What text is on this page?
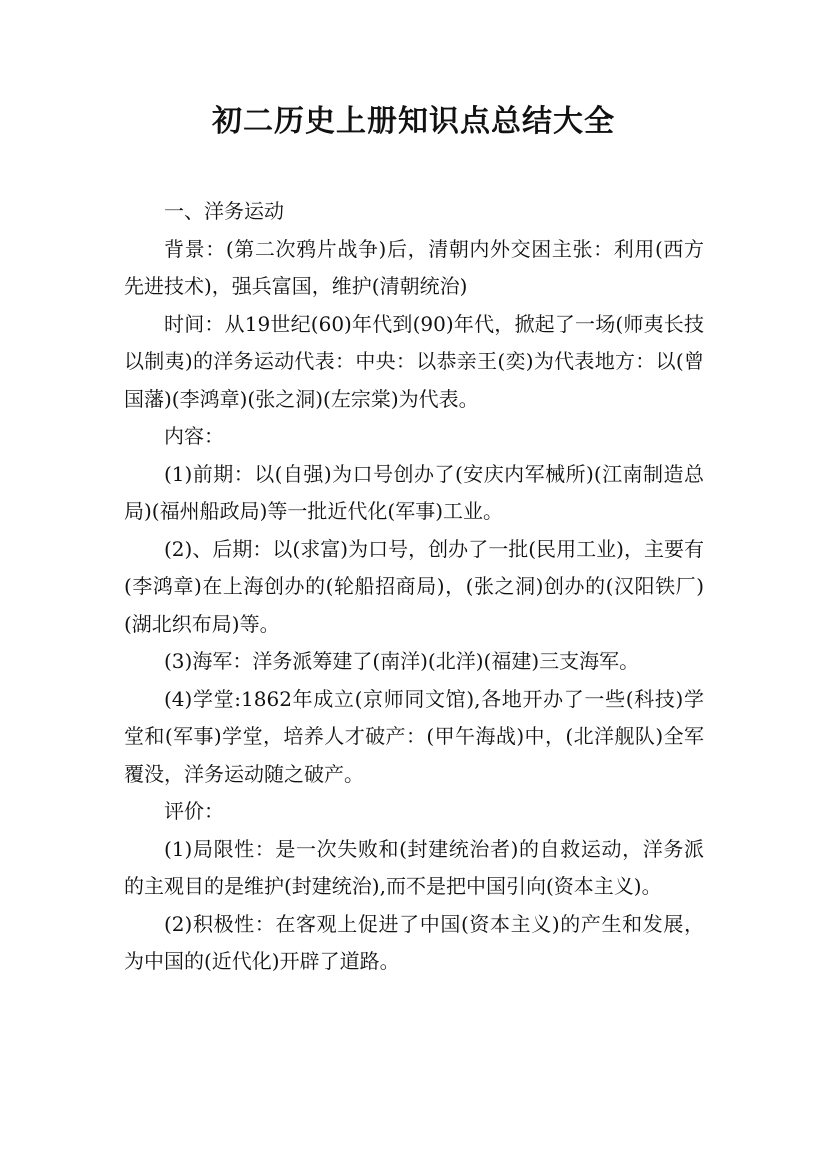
初二历史上册知识点总结大全

一、洋务运动

背景：(第二次鸦片战争)后，清朝内外交困主张：利用(西方先进技术)，强兵富国，维护(清朝统治)

时间：从19世纪(60)年代到(90)年代，掀起了一场(师夷长技以制夷)的洋务运动代表：中央：以恭亲王(奕)为代表地方：以(曾国藩)(李鸿章)(张之洞)(左宗棠)为代表。

内容：

(1)前期：以(自强)为口号创办了(安庆内军械所)(江南制造总局)(福州船政局)等一批近代化(军事)工业。

(2)、后期：以(求富)为口号，创办了一批(民用工业)，主要有(李鸿章)在上海创办的(轮船招商局)，(张之洞)创办的(汉阳铁厂)(湖北织布局)等。

(3)海军：洋务派筹建了(南洋)(北洋)(福建)三支海军。

(4)学堂:1862年成立(京师同文馆),各地开办了一些(科技)学堂和(军事)学堂，培养人才破产：(甲午海战)中，(北洋舰队)全军覆没，洋务运动随之破产。

评价：

(1)局限性：是一次失败和(封建统治者)的自救运动，洋务派的主观目的是维护(封建统治),而不是把中国引向(资本主义)。

(2)积极性：在客观上促进了中国(资本主义)的产生和发展，为中国的(近代化)开辟了道路。
